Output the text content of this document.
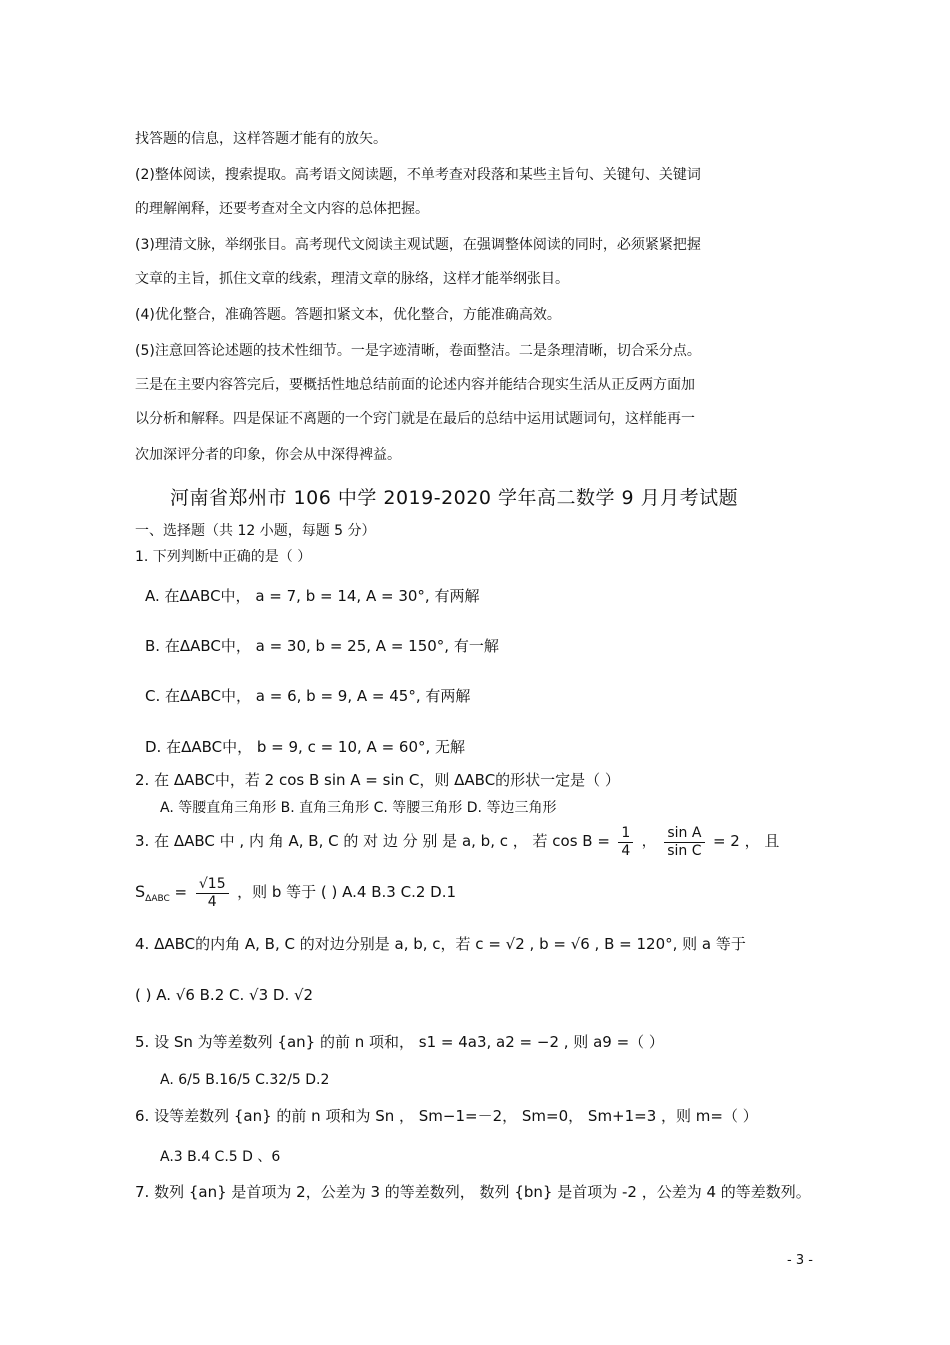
找答题的信息，这样答题才能有的放矢。
(2)整体阅读，搜索提取。高考语文阅读题，不单考查对段落和某些主旨句、关键句、关键词
的理解阐释，还要考查对全文内容的总体把握。
(3)理清文脉，举纲张目。高考现代文阅读主观试题，在强调整体阅读的同时，必须紧紧把握
文章的主旨，抓住文章的线索，理清文章的脉络，这样才能举纲张目。
(4)优化整合，准确答题。答题扣紧文本，优化整合，方能准确高效。
(5)注意回答论述题的技术性细节。一是字迹清晰，卷面整洁。二是条理清晰，切合采分点。
三是在主要内容答完后，要概括性地总结前面的论述内容并能结合现实生活从正反两方面加
以分析和解释。四是保证不离题的一个窍门就是在最后的总结中运用试题词句，这样能再一
次加深评分者的印象，你会从中深得裨益。
河南省郑州市 106 中学 2019-2020 学年高二数学 9 月月考试题
一、选择题（共 12 小题，每题 5 分）
1. 下列判断中正确的是（ ）
A. 在ΔABC中， a = 7, b = 14, A = 30°, 有两解
B. 在ΔABC中， a = 30, b = 25, A = 150°, 有一解
C. 在ΔABC中， a = 6, b = 9, A = 45°, 有两解
D. 在ΔABC中， b = 9, c = 10, A = 60°, 无解
2. 在 ΔABC中，若 2 cos B sin A = sin C，则 ΔABC的形状一定是（ ）
A. 等腰直角三角形 B. 直角三角形 C. 等腰三角形 D. 等边三角形
3. 在 ΔABC 中 , 内 角 A, B, C 的 对 边 分 别 是 a, b, c ， 若 $\cos B = \frac{1}{4}$ ， $\frac{\text{sin A}}{\text{sin C}} = 2$ ， 且
$S_{\Delta ABC} = \frac{√15}{4}$ ，则 b 等于 ( ) A.4 B.3 C.2 D.1
4. ΔABC的内角 A, B, C 的对边分别是 a, b, c，若 c = √2 , b = √6 , B = 120°, 则 a 等于
( ) A. √6 B.2 C. √3 D. √2
5. 设 Sn 为等差数列 {an} 的前 n 项和， s1 = 4a3, a2 = −2 , 则 a9 =（ ）
A. 6/5 B.16/5 C.32/5 D.2
6. 设等差数列 {an} 的前 n 项和为 Sn ， Sm−1=－2， Sm=0， Sm+1=3 ，则 m=（ ）
A.3 B.4 C.5 D 、6
7. 数列 {an} 是首项为 2，公差为 3 的等差数列， 数列 {bn} 是首项为 -2 ，公差为 4 的等差数列。
- 3 -
